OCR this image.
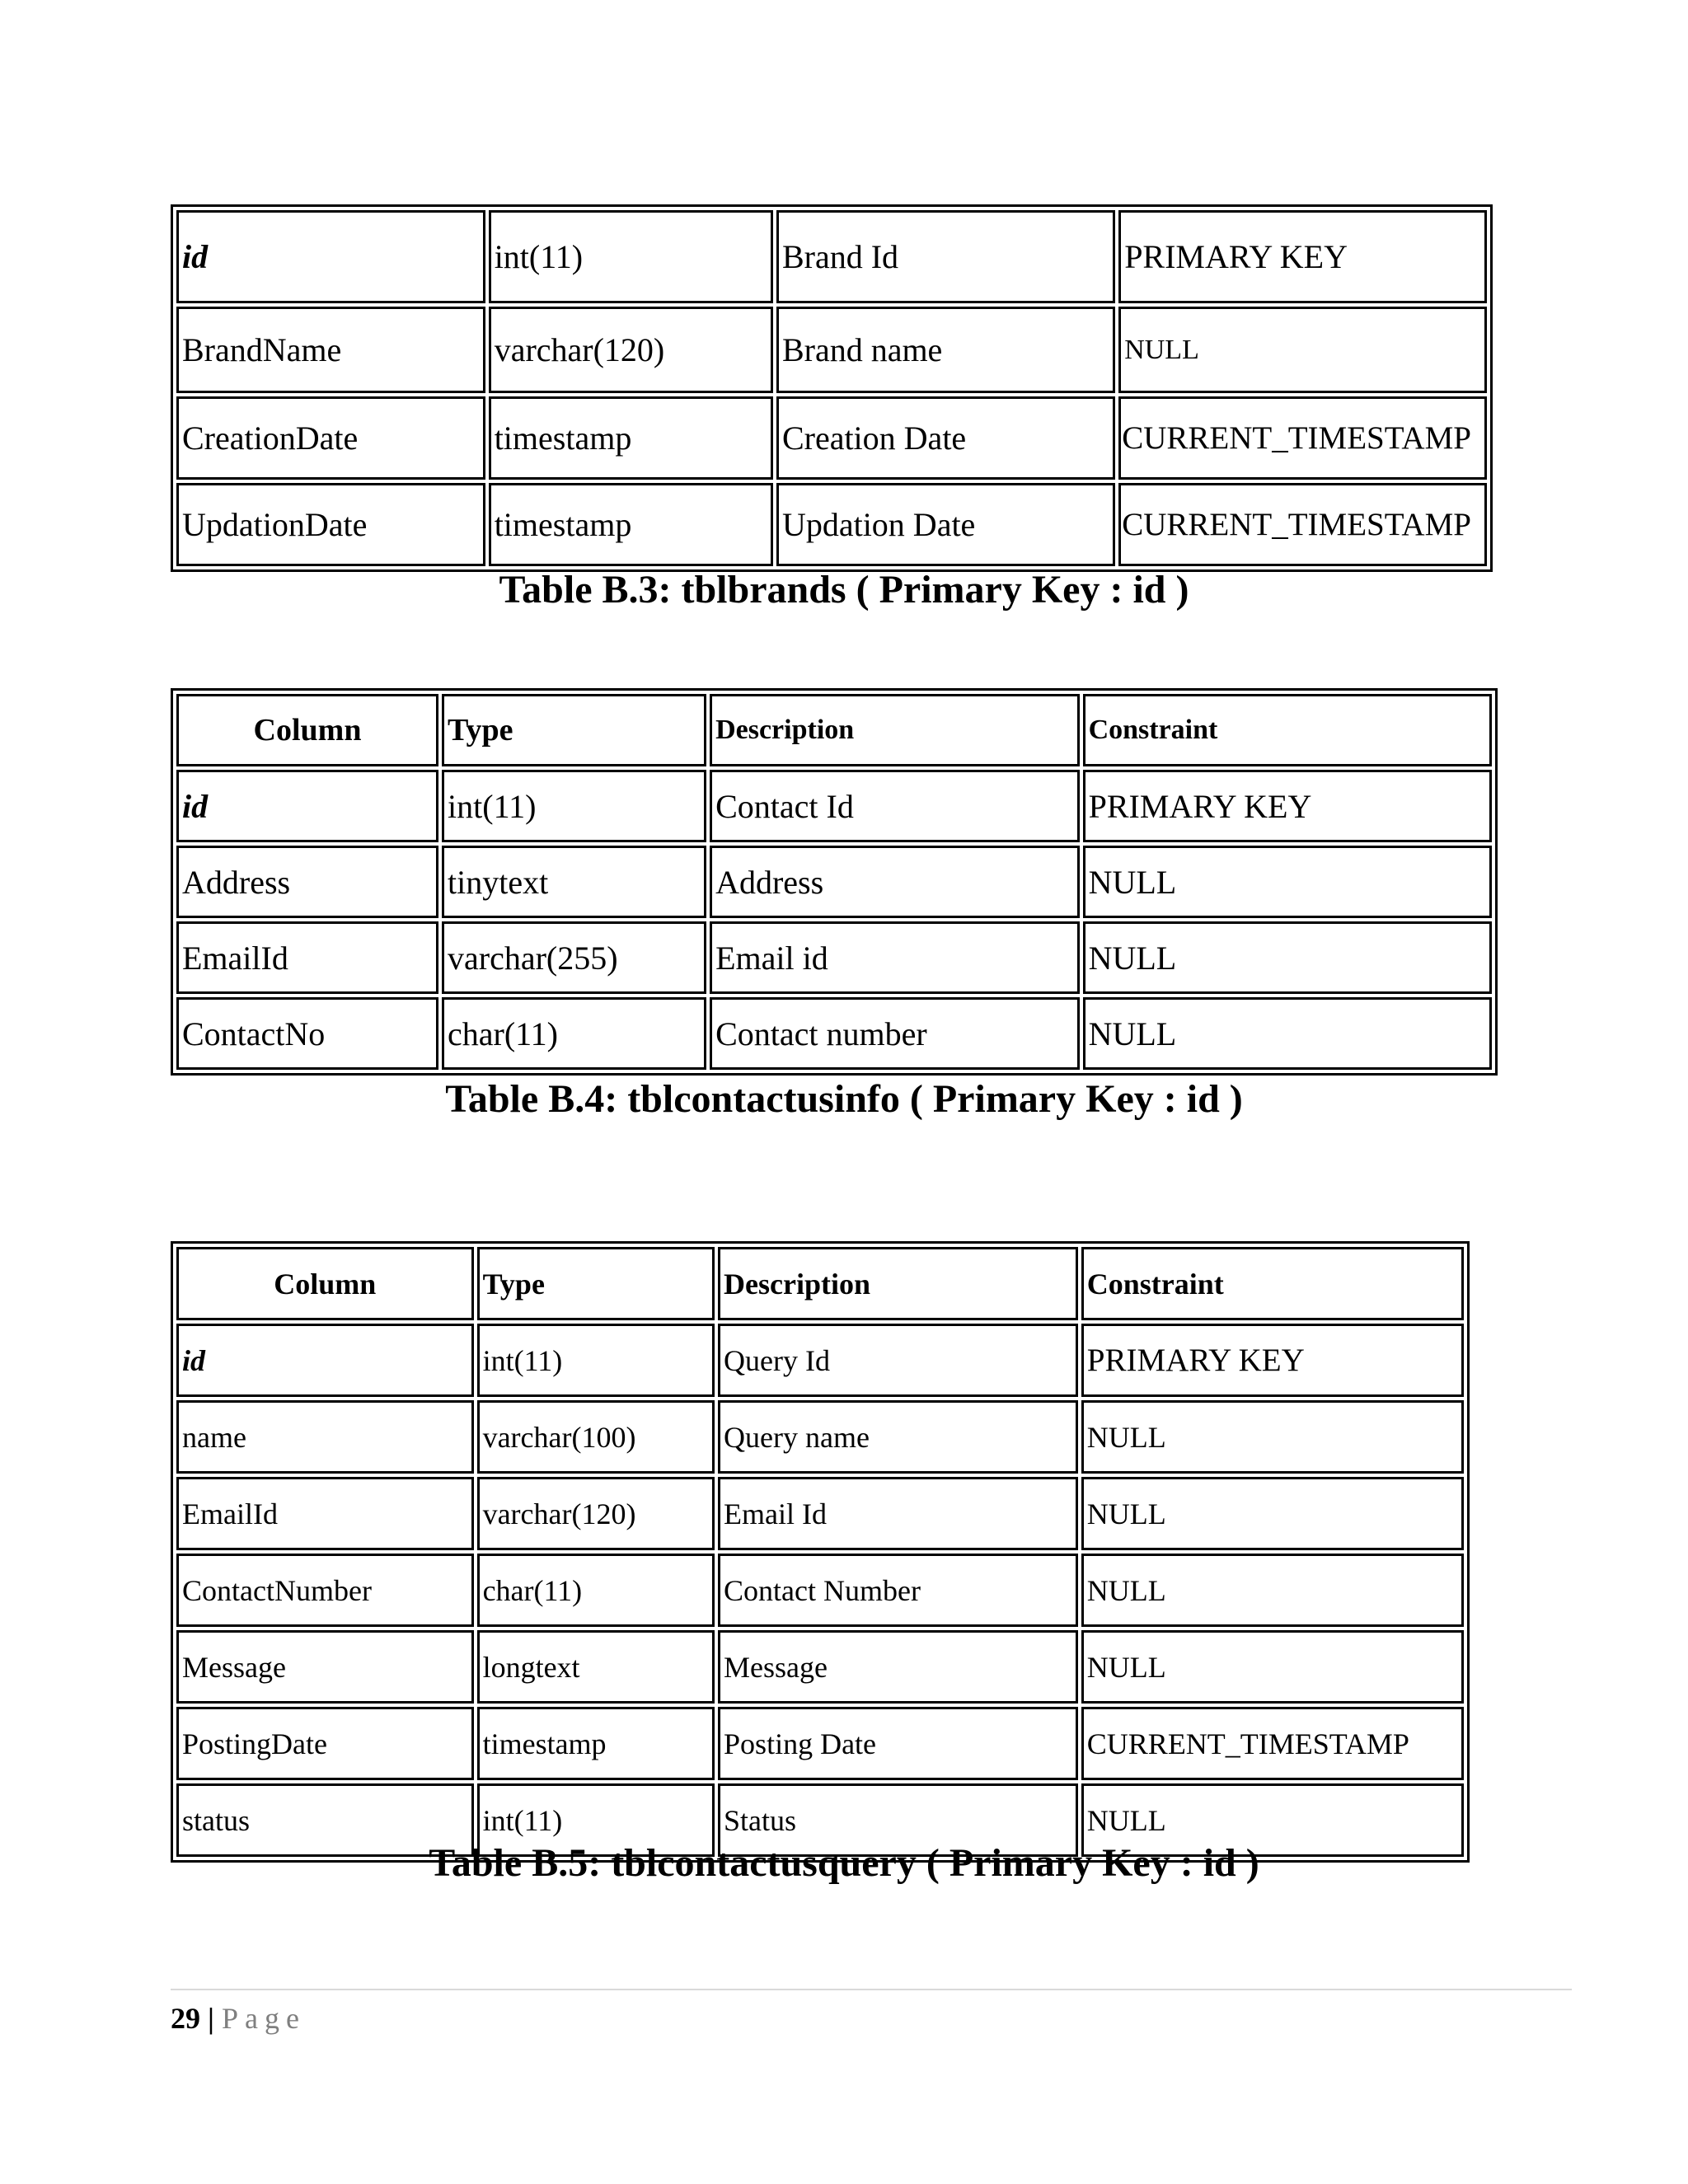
id	int(11)	Brand Id	PRIMARY KEY
BrandName	varchar(120)	Brand name	NULL
CreationDate	timestamp	Creation Date	CURRENT_TIMESTAMP
UpdationDate	timestamp	Updation Date	CURRENT_TIMESTAMP
Table B.3: tblbrands ( Primary Key : id )
Column	Type	Description	Constraint
id	int(11)	Contact Id	PRIMARY KEY
Address	tinytext	Address	NULL
EmailId	varchar(255)	Email id	NULL
ContactNo	char(11)	Contact number	NULL
Table B.4: tblcontactusinfo ( Primary Key : id )
Column	Type	Description	Constraint
id	int(11)	Query Id	PRIMARY KEY
name	varchar(100)	Query name	NULL
EmailId	varchar(120)	Email Id	NULL
ContactNumber	char(11)	Contact Number	NULL
Message	longtext	Message	NULL
PostingDate	timestamp	Posting Date	CURRENT_TIMESTAMP
status	int(11)	Status	NULL
Table B.5: tblcontactusquery ( Primary Key : id )
29 | Page
